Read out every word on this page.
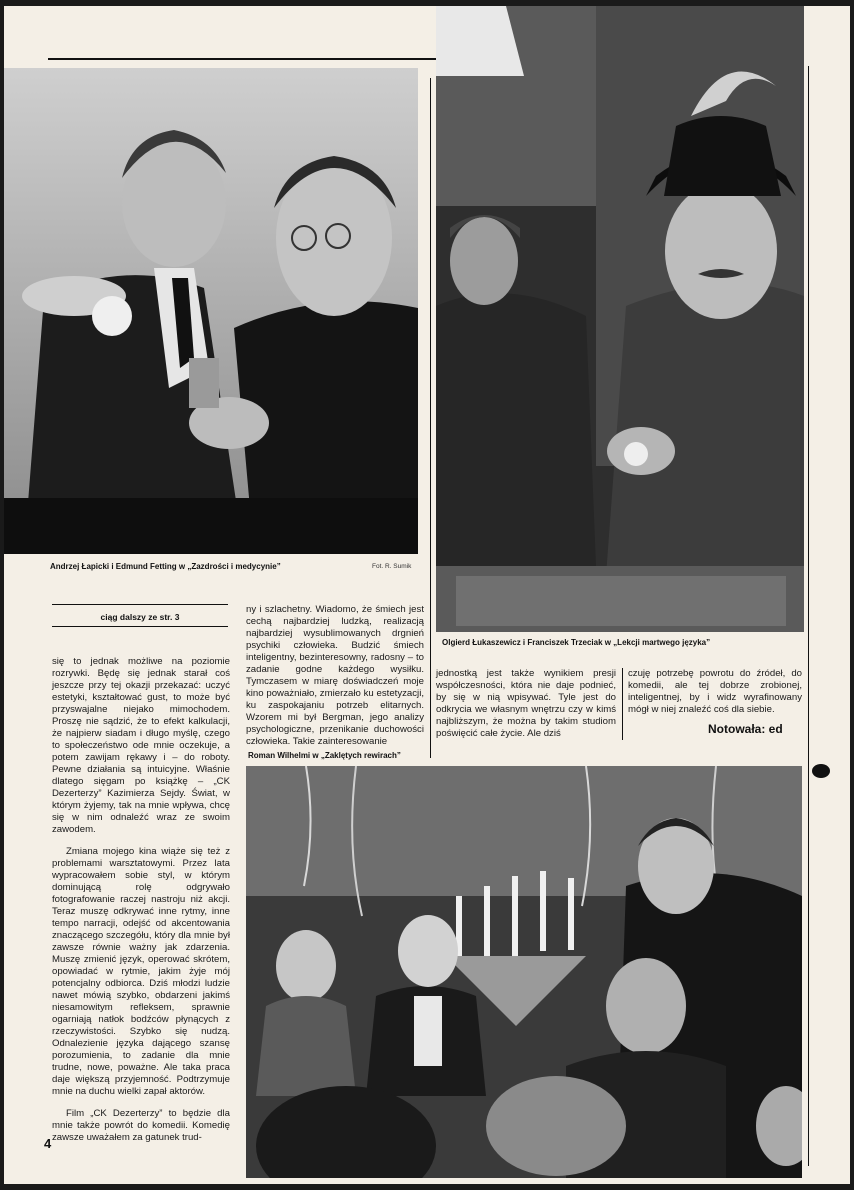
Andrzej Łapicki i Edmund Fetting w „Zazdrości i medycynie”	Fot. R. Sumik
Olgierd Łukaszewicz i Franciszek Trzeciak w „Lekcji martwego języka”
Roman Wilhelmi w „Zaklętych rewirach”
ciąg dalszy ze str. 3

się to jednak możliwe na poziomie rozrywki. Będę się jednak starał coś jeszcze przy tej okazji przekazać: uczyć estetyki, kształtować gust, to może być przyswajalne niejako mimochodem. Proszę nie sądzić, że to efekt kalkulacji, że najpierw siadam i długo myślę, czego to społeczeństwo ode mnie oczekuje, a potem zawijam rękawy i – do roboty. Pewne działania są intuicyjne. Właśnie dlatego sięgam po książkę – „CK Dezerterzy” Kazimierza Sejdy. Świat, w którym żyjemy, tak na mnie wpływa, chcę się w nim odnaleźć wraz ze swoim zawodem.

Zmiana mojego kina wiąże się też z problemami warsztatowymi. Przez lata wypracowałem sobie styl, w którym dominującą rolę odgrywało fotografowanie raczej nastroju niż akcji. Teraz muszę odkrywać inne rytmy, inne tempo narracji, odejść od akcentowania znaczącego szczegółu, który dla mnie był zawsze równie ważny jak zdarzenia. Muszę zmienić język, operować skrótem, opowiadać w rytmie, jakim żyje mój potencjalny odbiorca. Dziś młodzi ludzie nawet mówią szybko, obdarzeni jakimś niesamowitym refleksem, sprawnie ogarniają natłok bodźców płynących z rzeczywistości. Szybko się nudzą. Odnalezienie języka dającego szansę porozumienia, to zadanie dla mnie trudne, nowe, poważne. Ale taka praca daje większą przyjemność. Podtrzymuje mnie na duchu wielki zapał aktorów.

Film „CK Dezerterzy” to będzie dla mnie także powrót do komedii. Komedię zawsze uważałem za gatunek trud-

ny i szlachetny. Wiadomo, że śmiech jest cechą najbardziej ludzką, realizacją najbardziej wysublimowanych drgnień psychiki człowieka. Budzić śmiech inteligentny, bezinteresowny, radosny – to zadanie godne każdego wysiłku. Tymczasem w miarę doświadczeń moje kino poważniało, zmierzało ku estetyzacji, ku zaspokajaniu potrzeb elitarnych. Wzorem mi był Bergman, jego analizy psychologiczne, przenikanie duchowości człowieka. Takie zainteresowanie

jednostką jest także wynikiem presji współczesności, która nie daje podnieć, by się w nią wpisywać. Tyle jest do odkrycia we własnym wnętrzu czy w kimś najbliższym, że można by takim studiom poświęcić całe życie. Ale dziś

czuję potrzebę powrotu do źródeł, do komedii, ale tej dobrze zrobionej, inteligentnej, by i widz wyrafinowany mógł w niej znaleźć coś dla siebie.

Notowała: ed
4
